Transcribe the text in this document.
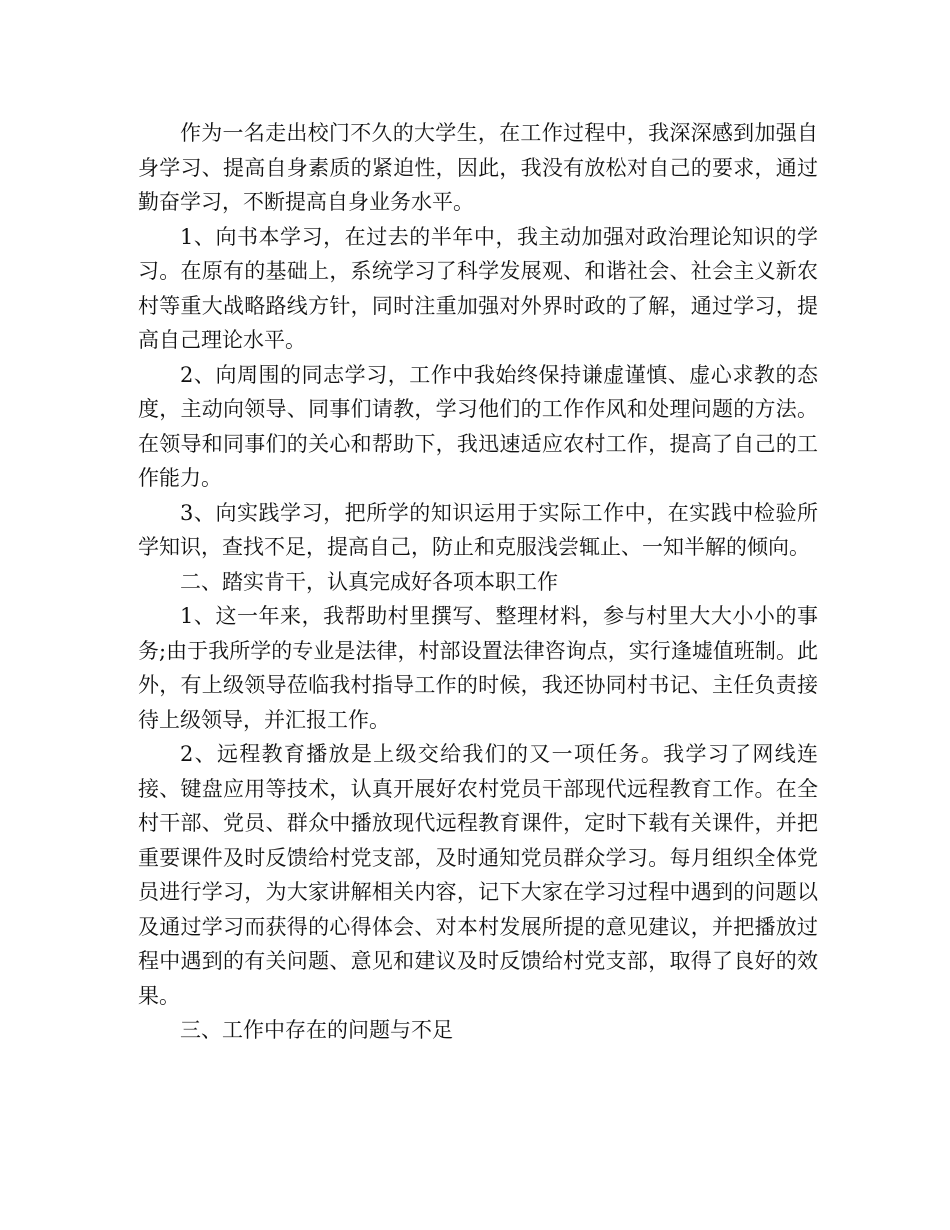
作为一名走出校门不久的大学生，在工作过程中，我深深感到加强自身学习、提高自身素质的紧迫性，因此，我没有放松对自己的要求，通过勤奋学习，不断提高自身业务水平。

1、向书本学习，在过去的半年中，我主动加强对政治理论知识的学习。在原有的基础上，系统学习了科学发展观、和谐社会、社会主义新农村等重大战略路线方针，同时注重加强对外界时政的了解，通过学习，提高自己理论水平。

2、向周围的同志学习，工作中我始终保持谦虚谨慎、虚心求教的态度，主动向领导、同事们请教，学习他们的工作作风和处理问题的方法。在领导和同事们的关心和帮助下，我迅速适应农村工作，提高了自己的工作能力。

3、向实践学习，把所学的知识运用于实际工作中，在实践中检验所学知识，查找不足，提高自己，防止和克服浅尝辄止、一知半解的倾向。

二、踏实肯干，认真完成好各项本职工作

1、这一年来，我帮助村里撰写、整理材料，参与村里大大小小的事务;由于我所学的专业是法律，村部设置法律咨询点，实行逢墟值班制。此外，有上级领导莅临我村指导工作的时候，我还协同村书记、主任负责接待上级领导，并汇报工作。

2、远程教育播放是上级交给我们的又一项任务。我学习了网线连接、键盘应用等技术，认真开展好农村党员干部现代远程教育工作。在全村干部、党员、群众中播放现代远程教育课件，定时下载有关课件，并把重要课件及时反馈给村党支部，及时通知党员群众学习。每月组织全体党员进行学习，为大家讲解相关内容，记下大家在学习过程中遇到的问题以及通过学习而获得的心得体会、对本村发展所提的意见建议，并把播放过程中遇到的有关问题、意见和建议及时反馈给村党支部，取得了良好的效果。

三、工作中存在的问题与不足
